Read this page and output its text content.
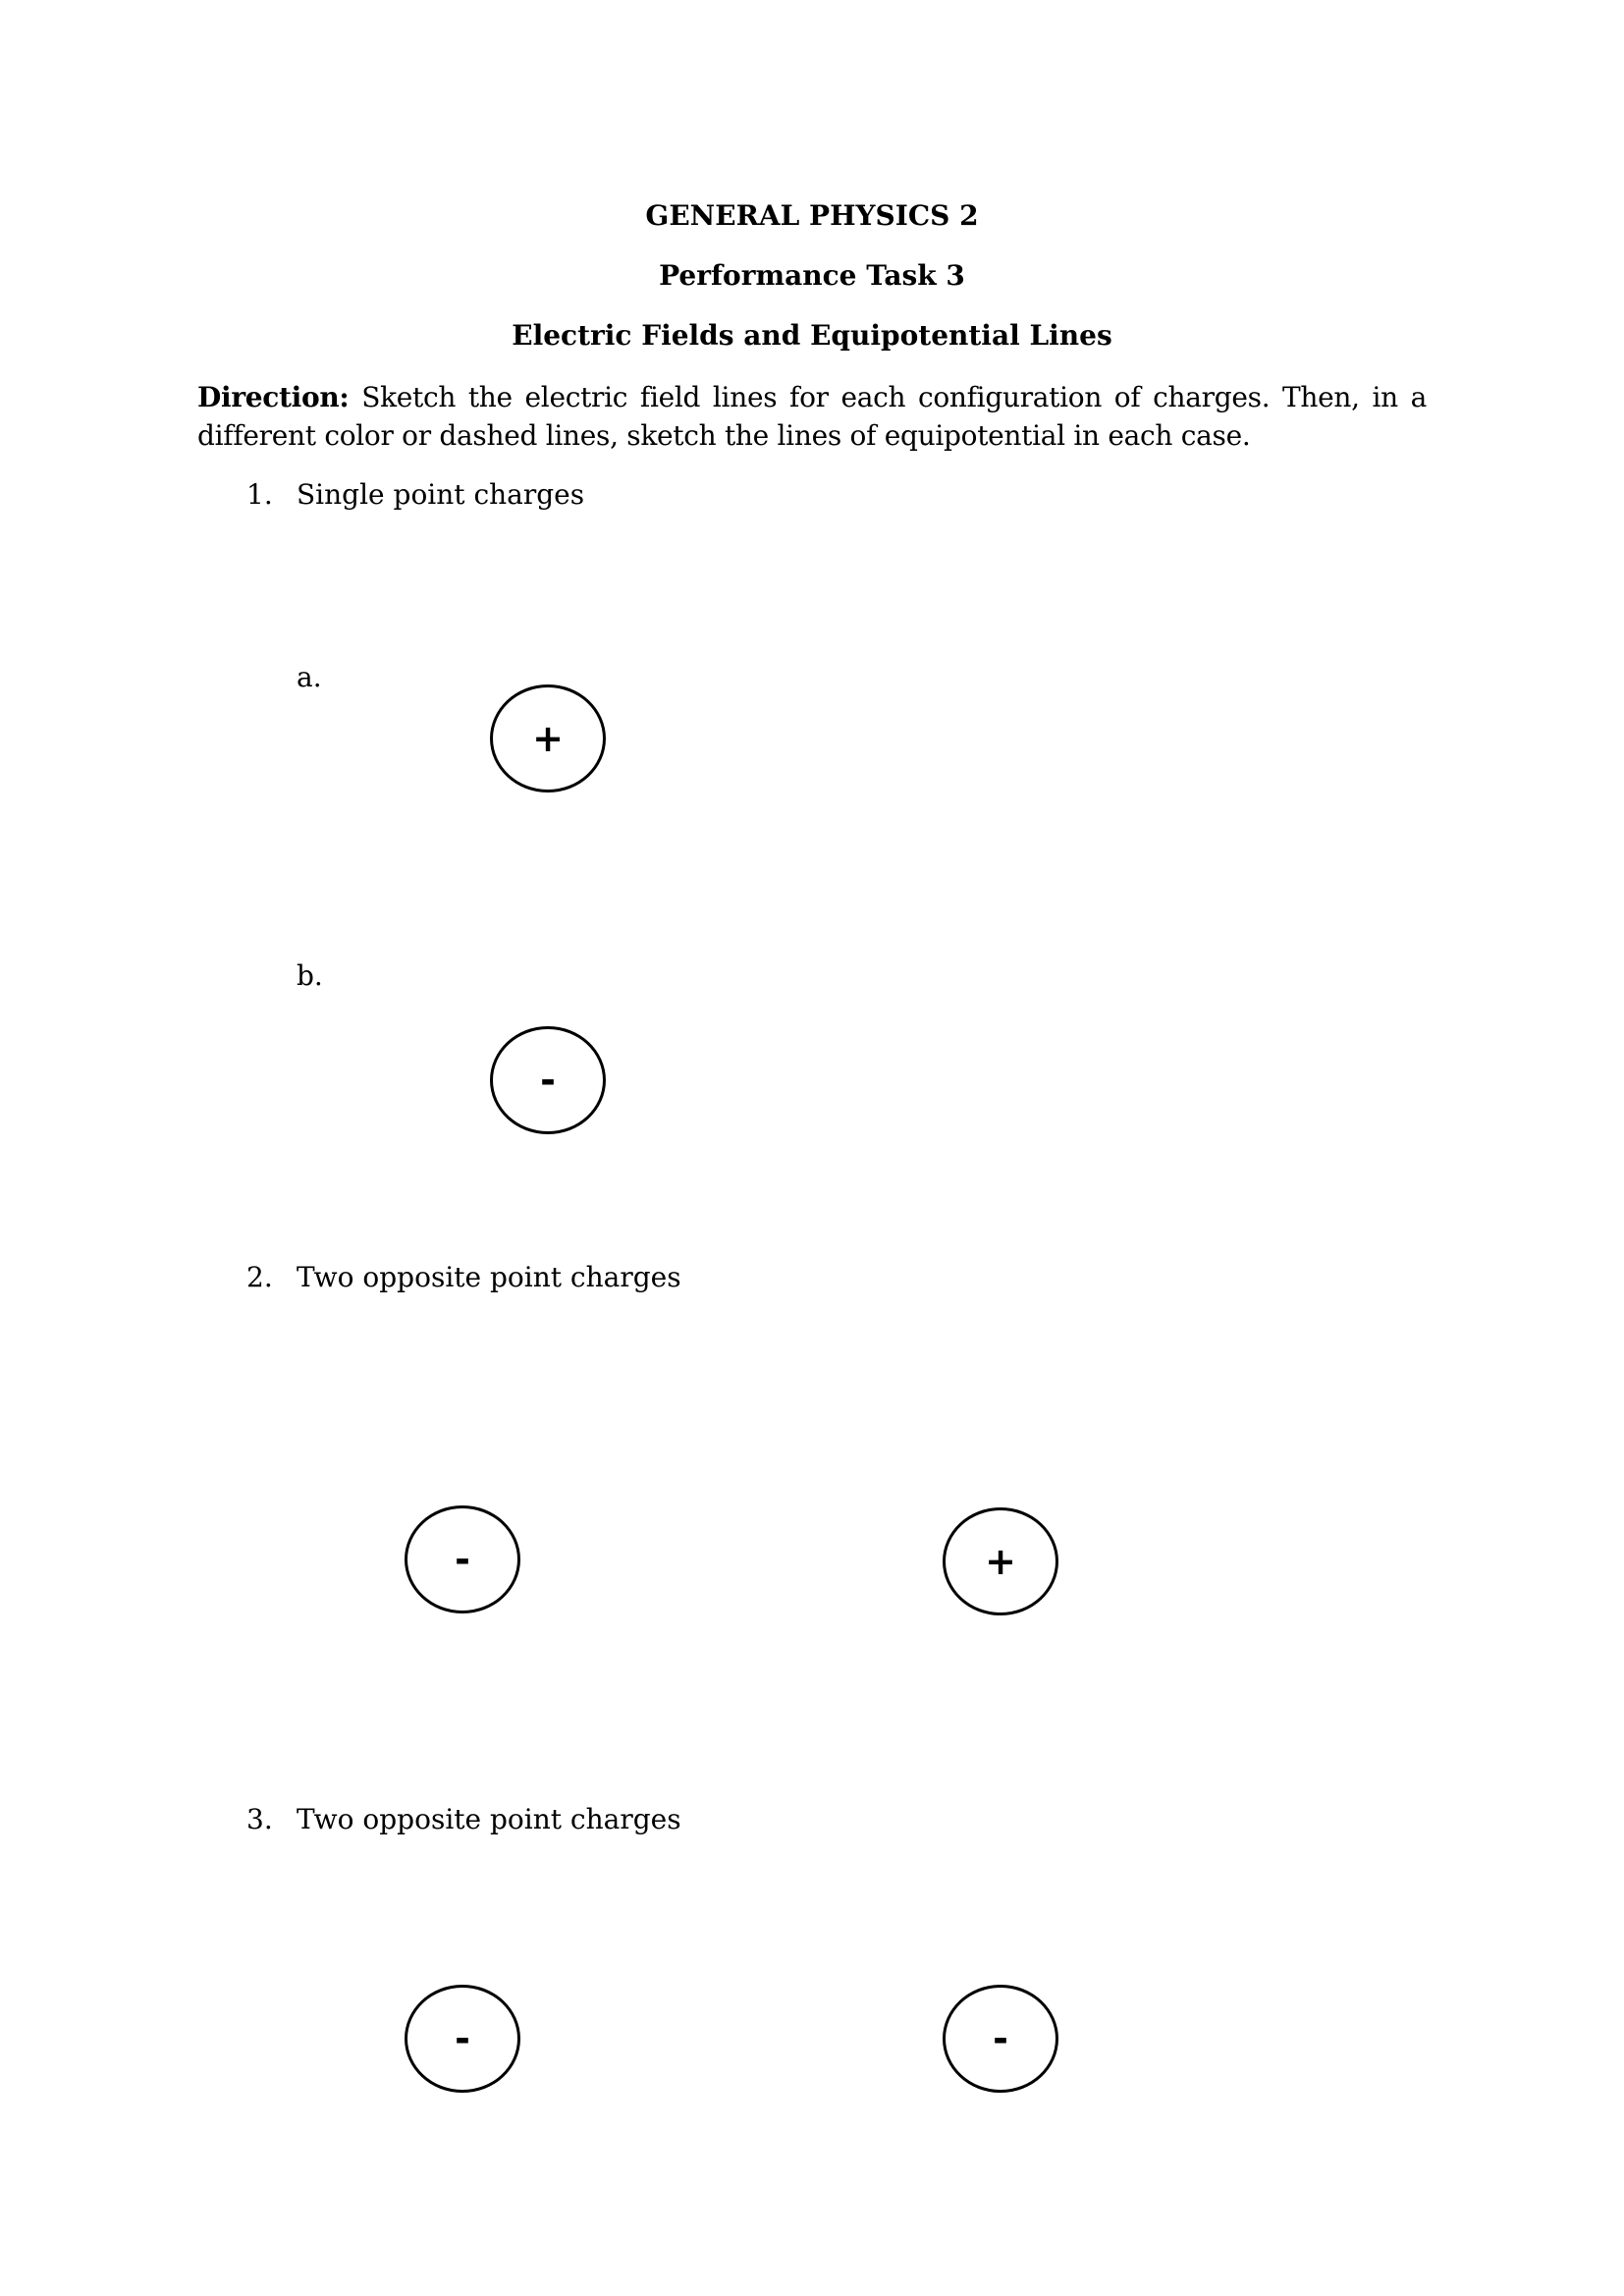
GENERAL PHYSICS 2
Performance Task 3
Electric Fields and Equipotential Lines
Direction: Sketch the electric field lines for each configuration of charges. Then, in a different color or dashed lines, sketch the lines of equipotential in each case.
1. Single point charges
a.
+
b.
-
2. Two opposite point charges
-	+
3. Two opposite point charges
-	-
